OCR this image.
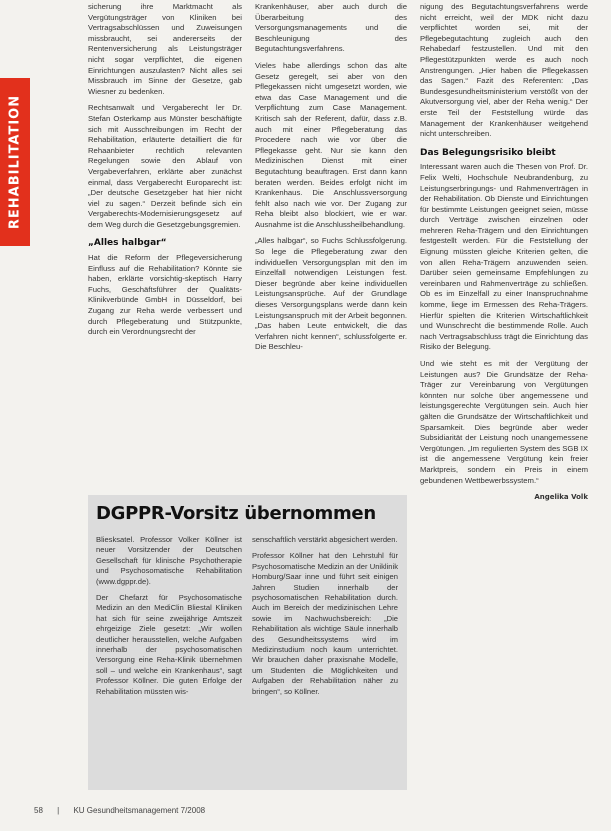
REHABILITATION

sicherung ihre Marktmacht als Vergütungsträger von Kliniken bei Vertragsabschlüssen und Zuweisungen missbraucht, sei andererseits der Rentenversicherung als Leistungsträger nicht sogar verpflichtet, die eigenen Einrichtungen auszulasten? Nicht alles sei Missbrauch im Sinne der Gesetze, gab Wiesner zu bedenken.

Rechtsanwalt und Vergaberecht ler Dr. Stefan Osterkamp aus Münster beschäftigte sich mit Ausschreibungen im Recht der Rehabilitation, erläuterte detailliert die für Rehaanbieter rechtlich relevanten Regelungen sowie den Ablauf von Vergabeverfahren, erklärte aber zunächst einmal, dass Vergaberecht Europarecht ist: „Der deutsche Gesetzgeber hat hier nicht viel zu sagen.“ Derzeit befinde sich ein Vergaberechts-Modernisierungsgesetz auf dem Weg durch die Gesetzgebungsgremien.

„Alles halbgar“

Hat die Reform der Pflegeversicherung Einfluss auf die Rehabilitation? Könnte sie haben, erklärte vorsichtig-skeptisch Harry Fuchs, Geschäftsführer der Qualitäts-Klinikverbünde GmbH in Düsseldorf, bei Zugang zur Reha werde verbessert und durch Pflegeberatung und Stützpunkte, durch ein Verordnungsrecht der

Krankenhäuser, aber auch durch die Überarbeitung des Versorgungsmanagements und die Beschleunigung des Begutachtungsverfahrens.

Vieles habe allerdings schon das alte Gesetz geregelt, sei aber von den Pflegekassen nicht umgesetzt worden, wie etwa das Case Management und die Verpflichtung zum Case Management. Kritisch sah der Referent, dafür, dass z.B. auch mit einer Pflegeberatung das Procedere nach wie vor über die Pflegekasse geht. Nur sie kann den Medizinischen Dienst mit einer Begutachtung beauftragen. Erst dann kann beraten werden. Beides erfolgt nicht im Krankenhaus. Die Anschlussversorgung fehlt also nach wie vor. Der Zugang zur Reha bleibt also blockiert, wie er war. Ausnahme ist die Anschlussheilbehandlung.

„Alles halbgar“, so Fuchs Schlussfolgerung. So lege die Pflegeberatung zwar den individuellen Versorgungsplan mit den im Einzelfall notwendigen Leistungen fest. Dieser begründe aber keine individuellen Leistungsansprüche. Auf der Grundlage dieses Versorgungsplans werde dann kein Leistungsanspruch mit der Arbeit begonnen. „Das haben Leute entwickelt, die das Verfahren nicht kennen“, schlussfolgerte er. Die Beschleu-

nigung des Begutachtungsverfahrens werde nicht erreicht, weil der MDK nicht dazu verpflichtet worden sei, mit der Pflegebegutachtung zugleich auch den Rehabedarf festzustellen. Und mit den Pflegestützpunkten werde es auch noch Anstrengungen. „Hier haben die Pflegekassen das Sagen.“ Fazit des Referenten: „Das Bundesgesundheitsministerium verstößt von der Akutversorgung viel, aber der Reha wenig.“ Der erste Teil der Feststellung würde das Management der Krankenhäuser weitgehend nicht unterschreiben.

Das Belegungsrisiko bleibt

Interessant waren auch die Thesen von Prof. Dr. Felix Welti, Hochschule Neubrandenburg, zu Leistungserbringungs- und Rahmenverträgen in der Rehabilitation. Ob Dienste und Einrichtungen für bestimmte Leistungen geeignet seien, müsse durch Verträge zwischen einzelnen oder mehreren Reha-Trägern und den Einrichtungen festgestellt werden. Für die Feststellung der Eignung müssten gleiche Kriterien gelten, die von allen Reha-Trägern anzuwenden seien. Darüber seien gemeinsame Empfehlungen zu vereinbaren und Rahmenverträge zu schließen. Ob es im Einzelfall zu einer Inanspruchnahme komme, liege im Ermessen des Reha-Trägers. Hierfür spielten die Kriterien Wirtschaftlichkeit und Wunschrecht die bestimmende Rolle. Auch nach Vertragsabschluss trägt die Einrichtung das Risiko der Belegung.

Und wie steht es mit der Vergütung der Leistungen aus? Die Grundsätze der Reha-Träger zur Vereinbarung von Vergütungen könnten nur solche über angemessene und leistungsgerechte Vergütungen sein. Auch hier gälten die Grundsätze der Wirtschaftlichkeit und Sparsamkeit. Dies begründe aber weder Subsidiarität der Leistung noch unangemessene Vergütungen. „Im regulierten System des SGB IX ist die angemessene Vergütung kein freier Marktpreis, sondern ein Preis in einem gebundenen Wettbewerbssystem.“

Angelika Volk
DGPPR-Vorsitz übernommen

Bliesksatel. Professor Volker Köllner ist neuer Vorsitzender der Deutschen Gesellschaft für klinische Psychotherapie und Psychosomatische Rehabilitation (www.dgppr.de).

Der Chefarzt für Psychosomatische Medizin an den MediClin Bliestal Kliniken hat sich für seine zweijährige Amtszeit ehrgeizige Ziele gesetzt: „Wir wollen deutlicher herausstellen, welche Aufgaben innerhalb der psychosomatischen Versorgung eine Reha-Klinik übernehmen soll – und welche ein Krankenhaus“, sagt Professor Köllner. Die guten Erfolge der Rehabilitation müssten wis-

senschaftlich verstärkt abgesichert werden.

Professor Köllner hat den Lehrstuhl für Psychosomatische Medizin an der Uniklinik Homburg/Saar inne und führt seit einigen Jahren Studien innerhalb der psychosomatischen Rehabilitation durch. Auch im Bereich der medizinischen Lehre sowie im Nachwuchsbereich: „Die Rehabilitation als wichtige Säule innerhalb des Gesundheitssystems wird im Medizinstudium noch kaum unterrichtet. Wir brauchen daher praxisnahe Modelle, um Studenten die Möglichkeiten und Aufgaben der Rehabilitation näher zu bringen“, so Köllner.

58 | KU Gesundheitsmanagement 7/2008
